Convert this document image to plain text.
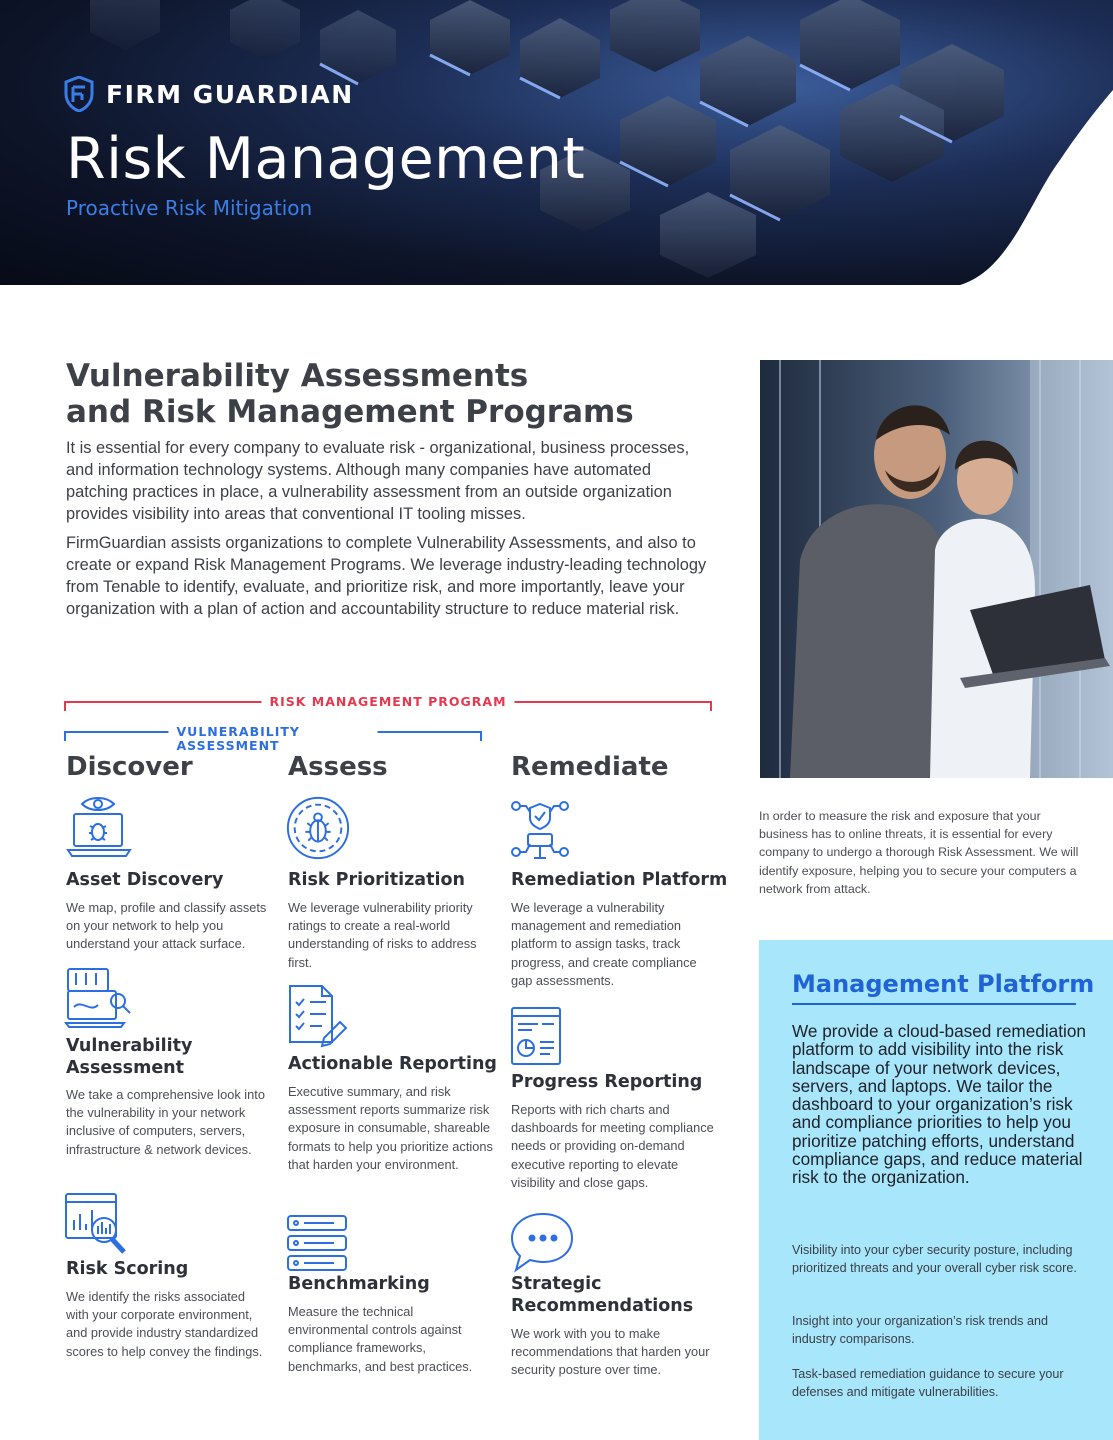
FIRM GUARDIAN
Risk Management
Proactive Risk Mitigation
Vulnerability Assessments
and Risk Management Programs

It is essential for every company to evaluate risk - organizational, business processes, and information technology systems. Although many companies have automated patching practices in place, a vulnerability assessment from an outside organization provides visibility into areas that conventional IT tooling misses.

FirmGuardian assists organizations to complete Vulnerability Assessments, and also to create or expand Risk Management Programs. We leverage industry-leading technology from Tenable to identify, evaluate, and prioritize risk, and more importantly, leave your organization with a plan of action and accountability structure to reduce material risk.

RISK MANAGEMENT PROGRAM
VULNERABILITY ASSESSMENT
Discover	Assess	Remediate
Asset Discovery
We map, profile and classify assets on your network to help you understand your attack surface.
Vulnerability Assessment
We take a comprehensive look into the vulnerability in your network inclusive of computers, servers, infrastructure & network devices.
Risk Scoring
We identify the risks associated with your corporate environment, and provide industry standardized scores to help convey the findings.
Risk Prioritization
We leverage vulnerability priority ratings to create a real-world understanding of risks to address first.
Actionable Reporting
Executive summary, and risk assessment reports summarize risk exposure in consumable, shareable formats to help you prioritize actions that harden your environment.
Benchmarking
Measure the technical environmental controls against compliance frameworks, benchmarks, and best practices.
Remediation Platform
We leverage a vulnerability management and remediation platform to assign tasks, track progress, and create compliance gap assessments.
Progress Reporting
Reports with rich charts and dashboards for meeting compliance needs or providing on-demand executive reporting to elevate visibility and close gaps.
Strategic Recommendations
We work with you to make recommendations that harden your security posture over time.

In order to measure the risk and exposure that your business has to online threats, it is essential for every company to undergo a thorough Risk Assessment. We will identify exposure, helping you to secure your computers a network from attack.

Management Platform

We provide a cloud-based remediation platform to add visibility into the risk landscape of your network devices, servers, and laptops. We tailor the dashboard to your organization’s risk and compliance priorities to help you prioritize patching efforts, understand compliance gaps, and reduce material risk to the organization.

Visibility into your cyber security posture, including prioritized threats and your overall cyber risk score.

Insight into your organization’s risk trends and industry comparisons.

Task-based remediation guidance to secure your defenses and mitigate vulnerabilities.
